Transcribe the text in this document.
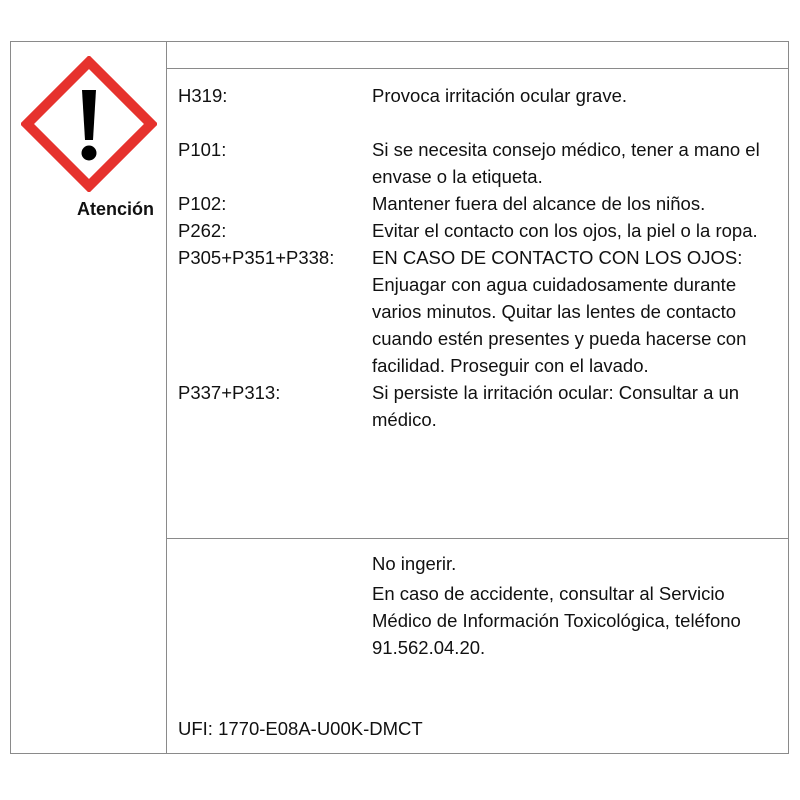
Atención
H319:	Provoca irritación ocular grave.
P101:	Si se necesita consejo médico, tener a mano el envase o la etiqueta.
P102:	Mantener fuera del alcance de los niños.
P262:	Evitar el contacto con los ojos, la piel o la ropa.
P305+P351+P338:	EN CASO DE CONTACTO CON LOS OJOS: Enjuagar con agua cuidadosamente durante varios minutos. Quitar las lentes de contacto cuando estén presentes y pueda hacerse con facilidad. Proseguir con el lavado.
P337+P313:	Si persiste la irritación ocular: Consultar a un médico.
No ingerir.
En caso de accidente, consultar al Servicio Médico de Información Toxicológica, teléfono 91.562.04.20.
UFI: 1770-E08A-U00K-DMCT
